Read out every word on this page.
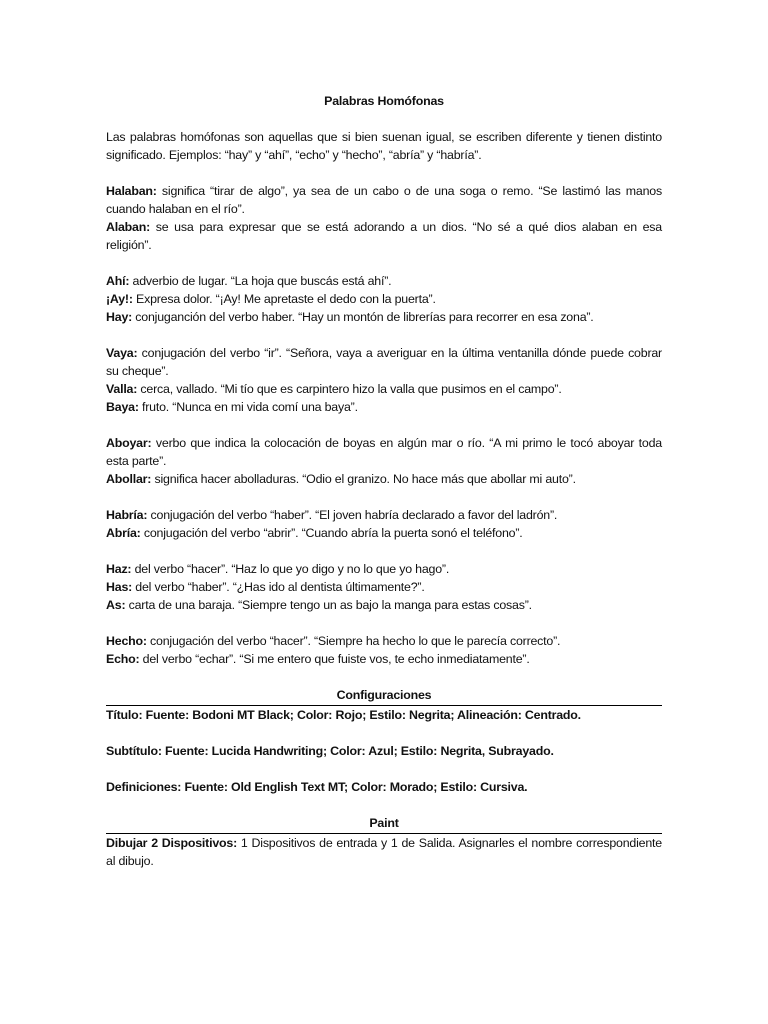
Palabras Homófonas

Las palabras homófonas son aquellas que si bien suenan igual, se escriben diferente y tienen distinto significado. Ejemplos: “hay” y “ahí”, “echo” y “hecho”, “abría” y “habría”.

Halaban: significa “tirar de algo”, ya sea de un cabo o de una soga o remo. “Se lastimó las manos cuando halaban en el río”.

Alaban: se usa para expresar que se está adorando a un dios. “No sé a qué dios alaban en esa religión”.

Ahí: adverbio de lugar. “La hoja que buscás está ahí”.

¡Ay!: Expresa dolor. “¡Ay! Me apretaste el dedo con la puerta”.

Hay: conjuganción del verbo haber. “Hay un montón de librerías para recorrer en esa zona”.

Vaya: conjugación del verbo “ir”. “Señora, vaya a averiguar en la última ventanilla dónde puede cobrar su cheque”.

Valla: cerca, vallado. “Mi tío que es carpintero hizo la valla que pusimos en el campo”.

Baya: fruto. “Nunca en mi vida comí una baya”.

Aboyar: verbo que indica la colocación de boyas en algún mar o río. “A mi primo le tocó aboyar toda esta parte”.

Abollar: significa hacer abolladuras. “Odio el granizo. No hace más que abollar mi auto”.

Habría: conjugación del verbo “haber”. “El joven habría declarado a favor del ladrón”.

Abría: conjugación del verbo “abrir”. “Cuando abría la puerta sonó el teléfono”.

Haz: del verbo “hacer”. “Haz lo que yo digo y no lo que yo hago”.

Has: del verbo “haber”. “¿Has ido al dentista últimamente?”.

As: carta de una baraja. “Siempre tengo un as bajo la manga para estas cosas”.

Hecho: conjugación del verbo “hacer”. “Siempre ha hecho lo que le parecía correcto”.

Echo: del verbo “echar”. “Si me entero que fuiste vos, te echo inmediatamente”.

Configuraciones

Título: Fuente: Bodoni MT Black; Color: Rojo; Estilo: Negrita; Alineación: Centrado.

Subtítulo: Fuente: Lucida Handwriting; Color: Azul; Estilo: Negrita, Subrayado.

Definiciones: Fuente: Old English Text MT; Color: Morado; Estilo: Cursiva.

Paint

Dibujar 2 Dispositivos: 1 Dispositivos de entrada y 1 de Salida. Asignarles el nombre correspondiente al dibujo.
